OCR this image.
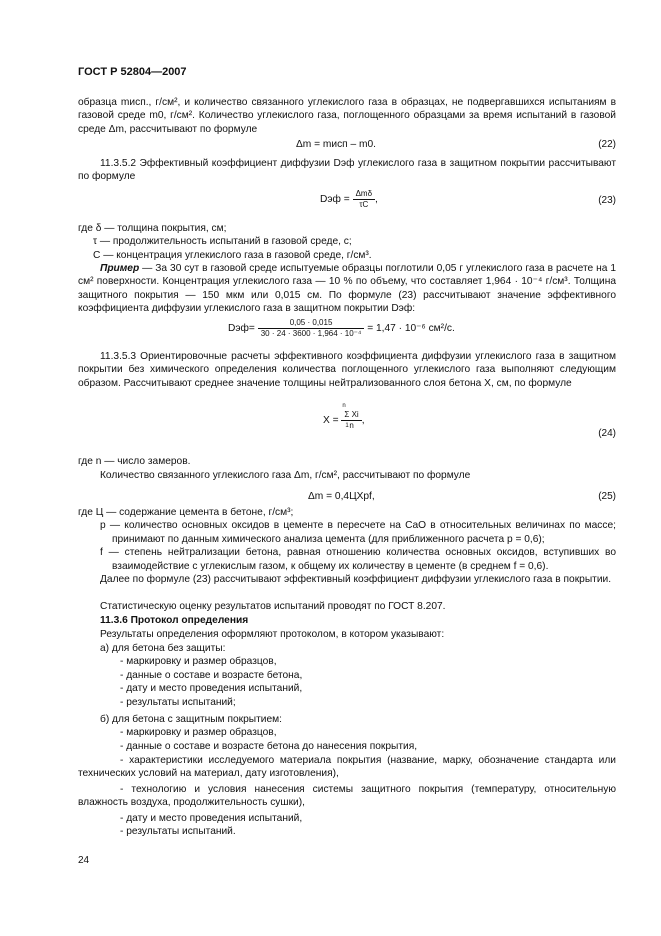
ГОСТ Р 52804—2007
образца mисп., г/см², и количество связанного углекислого газа в образцах, не подвергавшихся испытаниям в газовой среде m0, г/см². Количество углекислого газа, поглощенного образцами за время испытаний в газовой среде Δm, рассчитывают по формуле
Δm = mисп – m0.	(22)
11.3.5.2 Эффективный коэффициент диффузии Dэф углекислого газа в защитном покрытии рассчитывают по формуле
Dэф = $\frac{\text{Δmδ}}{\tau C}$ ,	(23)
где δ — толщина покрытия, см;
τ — продолжительность испытаний в газовой среде, с;
C — концентрация углекислого газа в газовой среде, г/см³.
Пример — За 30 сут в газовой среде испытуемые образцы поглотили 0,05 г углекислого газа в расчете на 1 см² поверхности. Концентрация углекислого газа — 10 % по объему, что составляет 1,964 · 10⁻⁴ г/см³. Толщина защитного покрытия — 150 мкм или 0,015 см. По формуле (23) рассчитывают значение эффективного коэффициента диффузии углекислого газа в защитном покрытии Dэф:
$Dэф= \frac{0,05 \cdot 0,015}{\text{30 · 24 · 3600 · 1,964 · 10⁻⁴}} = 1,47 \cdot 10^{-6}$ см²/с.
11.3.5.3 Ориентировочные расчеты эффективного коэффициента диффузии углекислого газа в защитном покрытии без химического определения количества поглощенного углекислого газа выполняют следующим образом. Рассчитывают среднее значение толщины нейтрализованного слоя бетона X, см, по формуле
X = n
Σ Xi
1 n ,
(24)
где n — число замеров.
Количество связанного углекислого газа Δm, г/см², рассчитывают по формуле
Δm = 0,4ЦXpf,	(25)
где Ц — содержание цемента в бетоне, г/см³;
p — количество основных оксидов в цементе в пересчете на CaO в относительных величинах по массе; принимают по данным химического анализа цемента (для приближенного расчета p = 0,6);
f — степень нейтрализации бетона, равная отношению количества основных оксидов, вступивших во взаимодействие с углекислым газом, к общему их количеству в цементе (в среднем f = 0,6).
Далее по формуле (23) рассчитывают эффективный коэффициент диффузии углекислого газа в покрытии.
Статистическую оценку результатов испытаний проводят по ГОСТ 8.207.
11.3.6 Протокол определения
Результаты определения оформляют протоколом, в котором указывают:
а) для бетона без защиты:
- маркировку и размер образцов,
- данные о составе и возрасте бетона,
- дату и место проведения испытаний,
- результаты испытаний;
б) для бетона с защитным покрытием:
- маркировку и размер образцов,
- данные о составе и возрасте бетона до нанесения покрытия,
- характеристики исследуемого материала покрытия (название, марку, обозначение стандарта или технических условий на материал, дату изготовления),
- технологию и условия нанесения системы защитного покрытия (температуру, относительную влажность воздуха, продолжительность сушки),
- дату и место проведения испытаний,
- результаты испытаний.
24
